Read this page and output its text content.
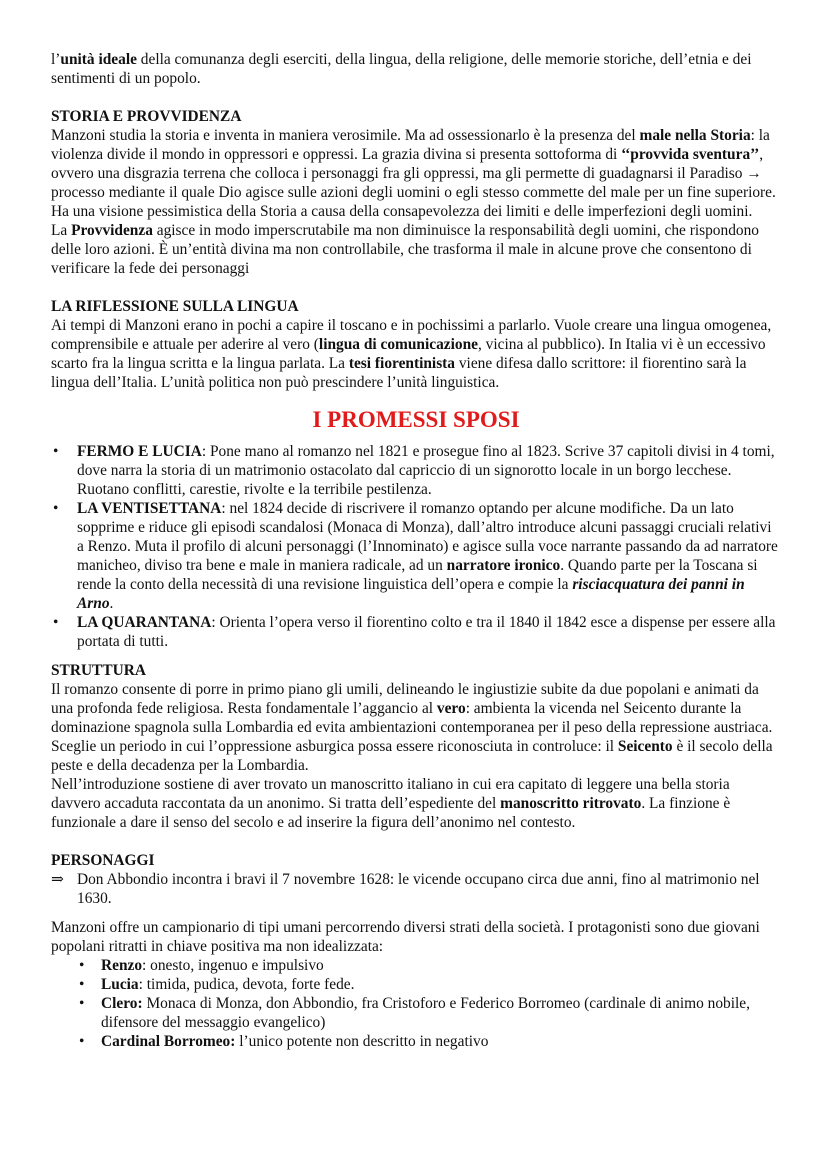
l’unità ideale della comunanza degli eserciti, della lingua, della religione, delle memorie storiche, dell’etnia e dei sentimenti di un popolo.

STORIA E PROVVIDENZA

Manzoni studia la storia e inventa in maniera verosimile. Ma ad ossessionarlo è la presenza del male nella Storia: la violenza divide il mondo in oppressori e oppressi. La grazia divina si presenta sottoforma di ‘‘provvida sventura’’, ovvero una disgrazia terrena che colloca i personaggi fra gli oppressi, ma gli permette di guadagnarsi il Paradiso → processo mediante il quale Dio agisce sulle azioni degli uomini o egli stesso commette del male per un fine superiore. Ha una visione pessimistica della Storia a causa della consapevolezza dei limiti e delle imperfezioni degli uomini.

La Provvidenza agisce in modo imperscrutabile ma non diminuisce la responsabilità degli uomini, che rispondono delle loro azioni. È un’entità divina ma non controllabile, che trasforma il male in alcune prove che consentono di verificare la fede dei personaggi

LA RIFLESSIONE SULLA LINGUA

Ai tempi di Manzoni erano in pochi a capire il toscano e in pochissimi a parlarlo. Vuole creare una lingua omogenea, comprensibile e attuale per aderire al vero (lingua di comunicazione, vicina al pubblico). In Italia vi è un eccessivo scarto fra la lingua scritta e la lingua parlata. La tesi fiorentinista viene difesa dallo scrittore: il fiorentino sarà la lingua dell’Italia. L’unità politica non può prescindere l’unità linguistica.

I PROMESSI SPOSI
• FERMO E LUCIA: Pone mano al romanzo nel 1821 e prosegue fino al 1823. Scrive 37 capitoli divisi in 4 tomi, dove narra la storia di un matrimonio ostacolato dal capriccio di un signorotto locale in un borgo lecchese. Ruotano conflitti, carestie, rivolte e la terribile pestilenza.
• LA VENTISETTANA: nel 1824 decide di riscrivere il romanzo optando per alcune modifiche. Da un lato sopprime e riduce gli episodi scandalosi (Monaca di Monza), dall’altro introduce alcuni passaggi cruciali relativi a Renzo. Muta il profilo di alcuni personaggi (l’Innominato) e agisce sulla voce narrante passando da ad narratore manicheo, diviso tra bene e male in maniera radicale, ad un narratore ironico. Quando parte per la Toscana si rende la conto della necessità di una revisione linguistica dell’opera e compie la risciacquatura dei panni in Arno.
• LA QUARANTANA: Orienta l’opera verso il fiorentino colto e tra il 1840 il 1842 esce a dispense per essere alla portata di tutti.
STRUTTURA

Il romanzo consente di porre in primo piano gli umili, delineando le ingiustizie subite da due popolani e animati da una profonda fede religiosa. Resta fondamentale l’aggancio al vero: ambienta la vicenda nel Seicento durante la dominazione spagnola sulla Lombardia ed evita ambientazioni contemporanea per il peso della repressione austriaca. Sceglie un periodo in cui l’oppressione asburgica possa essere riconosciuta in controluce: il Seicento è il secolo della peste e della decadenza per la Lombardia.

Nell’introduzione sostiene di aver trovato un manoscritto italiano in cui era capitato di leggere una bella storia davvero accaduta raccontata da un anonimo. Si tratta dell’espediente del manoscritto ritrovato. La finzione è funzionale a dare il senso del secolo e ad inserire la figura dell’anonimo nel contesto.

PERSONAGGI
⇒ Don Abbondio incontra i bravi il 7 novembre 1628: le vicende occupano circa due anni, fino al matrimonio nel 1630.

Manzoni offre un campionario di tipi umani percorrendo diversi strati della società. I protagonisti sono due giovani popolani ritratti in chiave positiva ma non idealizzata:

• Renzo: onesto, ingenuo e impulsivo
• Lucia: timida, pudica, devota, forte fede.
• Clero: Monaca di Monza, don Abbondio, fra Cristoforo e Federico Borromeo (cardinale di animo nobile, difensore del messaggio evangelico)
• Cardinal Borromeo: l’unico potente non descritto in negativo
